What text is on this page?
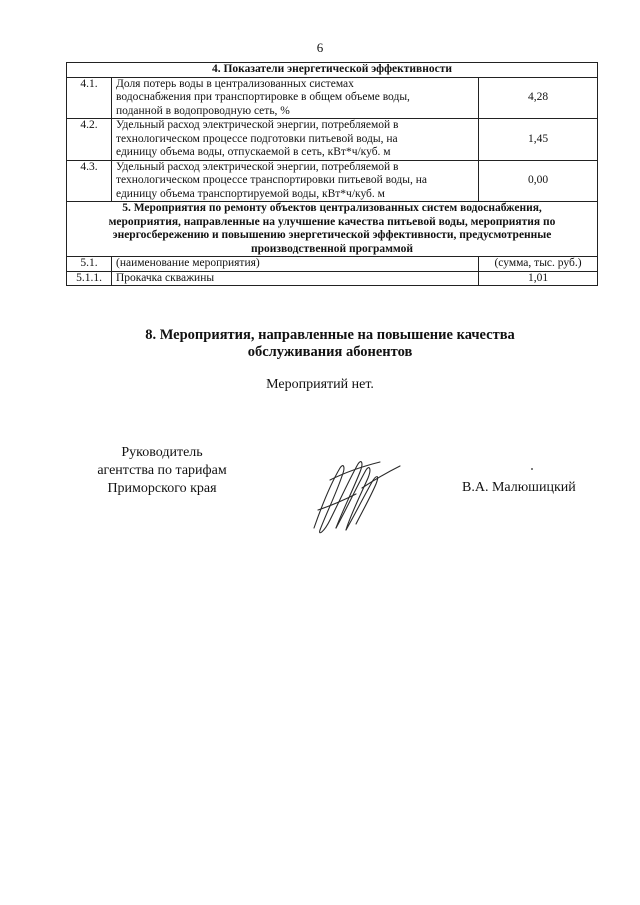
6
4. Показатели энергетической эффективности		
4.1.	Доля потерь воды в централизованных системах
водоснабжения при транспортировке в общем объеме воды,
поданной в водопроводную сеть, %	4,28
4.2.	Удельный расход электрической энергии, потребляемой в
технологическом процессе подготовки питьевой воды, на
единицу объема воды, отпускаемой в сеть, кВт*ч/куб. м	1,45
4.3.	Удельный расход электрической энергии, потребляемой в
технологическом процессе транспортировки питьевой воды, на
единицу объема транспортируемой воды, кВт*ч/куб. м	0,00

5. Мероприятия по ремонту объектов централизованных систем водоснабжения,
мероприятия, направленные на улучшение качества питьевой воды, мероприятия по
энергосбережению и повышению энергетической эффективности, предусмотренные
производственной программой		

5.1.	(наименование мероприятия)	(сумма, тыс. руб.)
5.1.1.	Прокачка скважины	1,01
8. Мероприятия, направленные на повышение качества
обслуживания абонентов
Мероприятий нет.
Руководитель
агентства по тарифам
Приморского края	В.А. Малюшицкий
